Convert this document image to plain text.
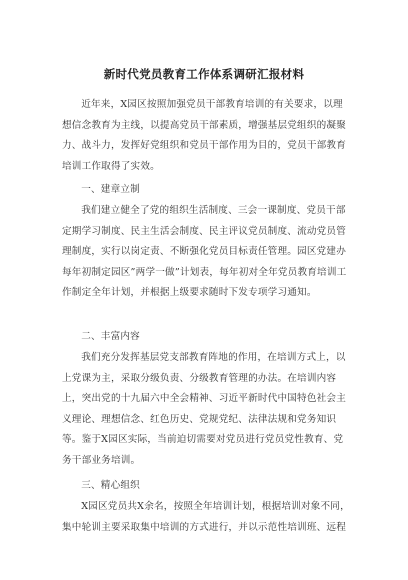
新时代党员教育工作体系调研汇报材料
近年来，X园区按照加强党员干部教育培训的有关要求，以理想信念教育为主线，以提高党员干部素质，增强基层党组织的凝聚力、战斗力，发挥好党组织和党员干部作用为目的，党员干部教育培训工作取得了实效。
一、建章立制
我们建立健全了党的组织生活制度、三会一课制度、党员干部定期学习制度、民主生活会制度、民主评议党员制度、流动党员管理制度，实行以岗定责、不断强化党员目标责任管理。园区党建办每年初制定园区”两学一做”计划表，每年初对全年党员教育培训工作制定全年计划，并根据上级要求随时下发专项学习通知。
二、丰富内容
我们充分发挥基层党支部教育阵地的作用，在培训方式上，以上党课为主，采取分级负责、分级教育管理的办法。在培训内容上，突出党的十九届六中全会精神、习近平新时代中国特色社会主义理论、理想信念、红色历史、党规党纪、法律法规和党务知识等。鉴于X园区实际，当前迫切需要对党员进行党员党性教育、党务干部业务培训。
三、精心组织
X园区党员共X余名，按照全年培训计划，根据培训对象不同，集中轮训主要采取集中培训的方式进行，并以示范性培训班、远程
